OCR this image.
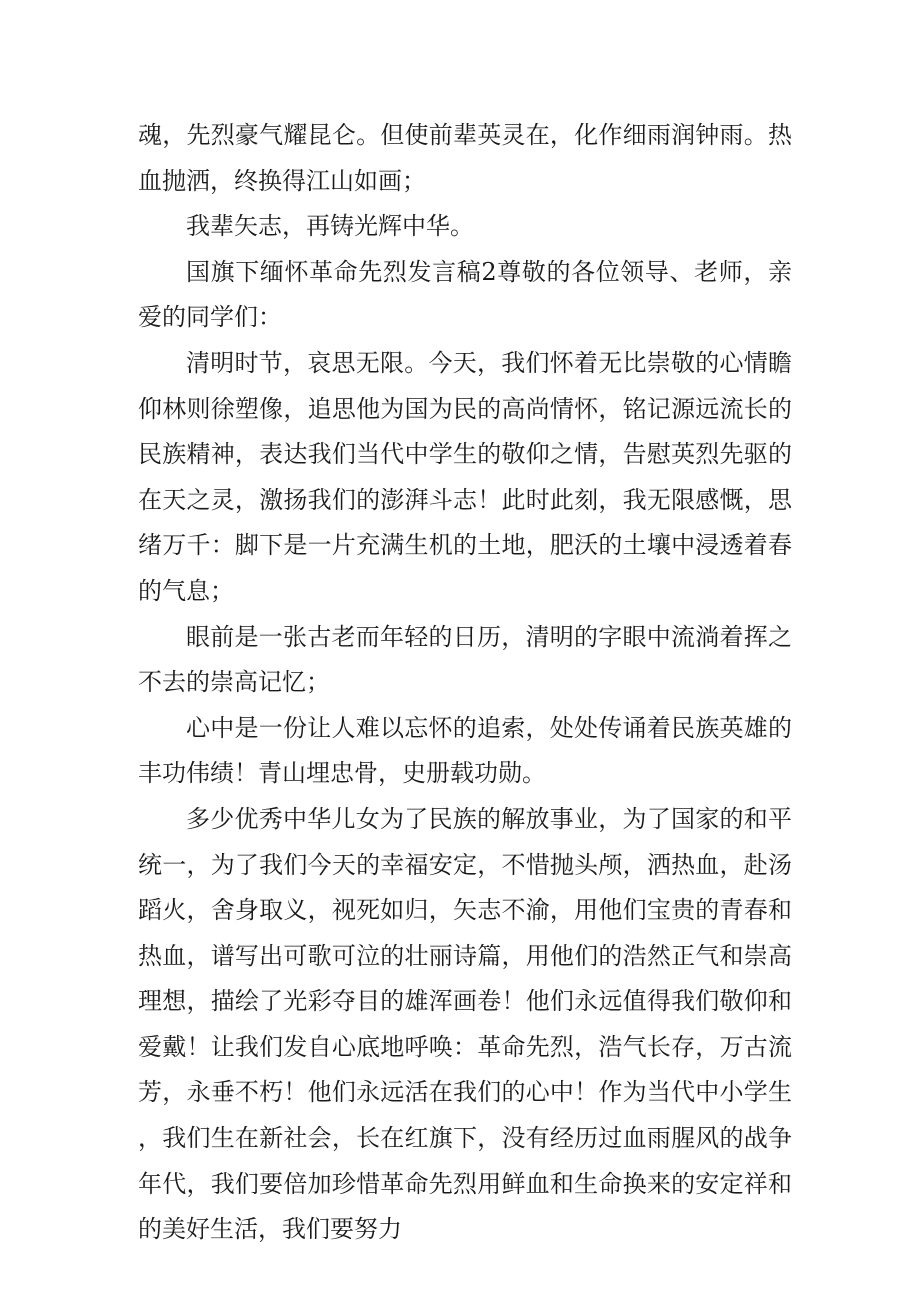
魂，先烈豪气耀昆仑。但使前辈英灵在，化作细雨润钟雨。热血抛洒，终换得江山如画；

我辈矢志，再铸光辉中华。

国旗下缅怀革命先烈发言稿2尊敬的各位领导、老师，亲爱的同学们：

清明时节，哀思无限。今天，我们怀着无比崇敬的心情瞻仰林则徐塑像，追思他为国为民的高尚情怀，铭记源远流长的民族精神，表达我们当代中学生的敬仰之情，告慰英烈先驱的在天之灵，激扬我们的澎湃斗志！此时此刻，我无限感慨，思绪万千：脚下是一片充满生机的土地，肥沃的土壤中浸透着春的气息；

眼前是一张古老而年轻的日历，清明的字眼中流淌着挥之不去的崇高记忆；

心中是一份让人难以忘怀的追索，处处传诵着民族英雄的丰功伟绩！青山埋忠骨，史册载功勋。

多少优秀中华儿女为了民族的解放事业，为了国家的和平统一，为了我们今天的幸福安定，不惜抛头颅，洒热血，赴汤蹈火，舍身取义，视死如归，矢志不渝，用他们宝贵的青春和热血，谱写出可歌可泣的壮丽诗篇，用他们的浩然正气和崇高理想，描绘了光彩夺目的雄浑画卷！他们永远值得我们敬仰和爱戴！让我们发自心底地呼唤：革命先烈，浩气长存，万古流芳，永垂不朽！他们永远活在我们的心中！作为当代中小学生，我们生在新社会，长在红旗下，没有经历过血雨腥风的战争年代，我们要倍加珍惜革命先烈用鲜血和生命换来的安定祥和的美好生活，我们要努力
